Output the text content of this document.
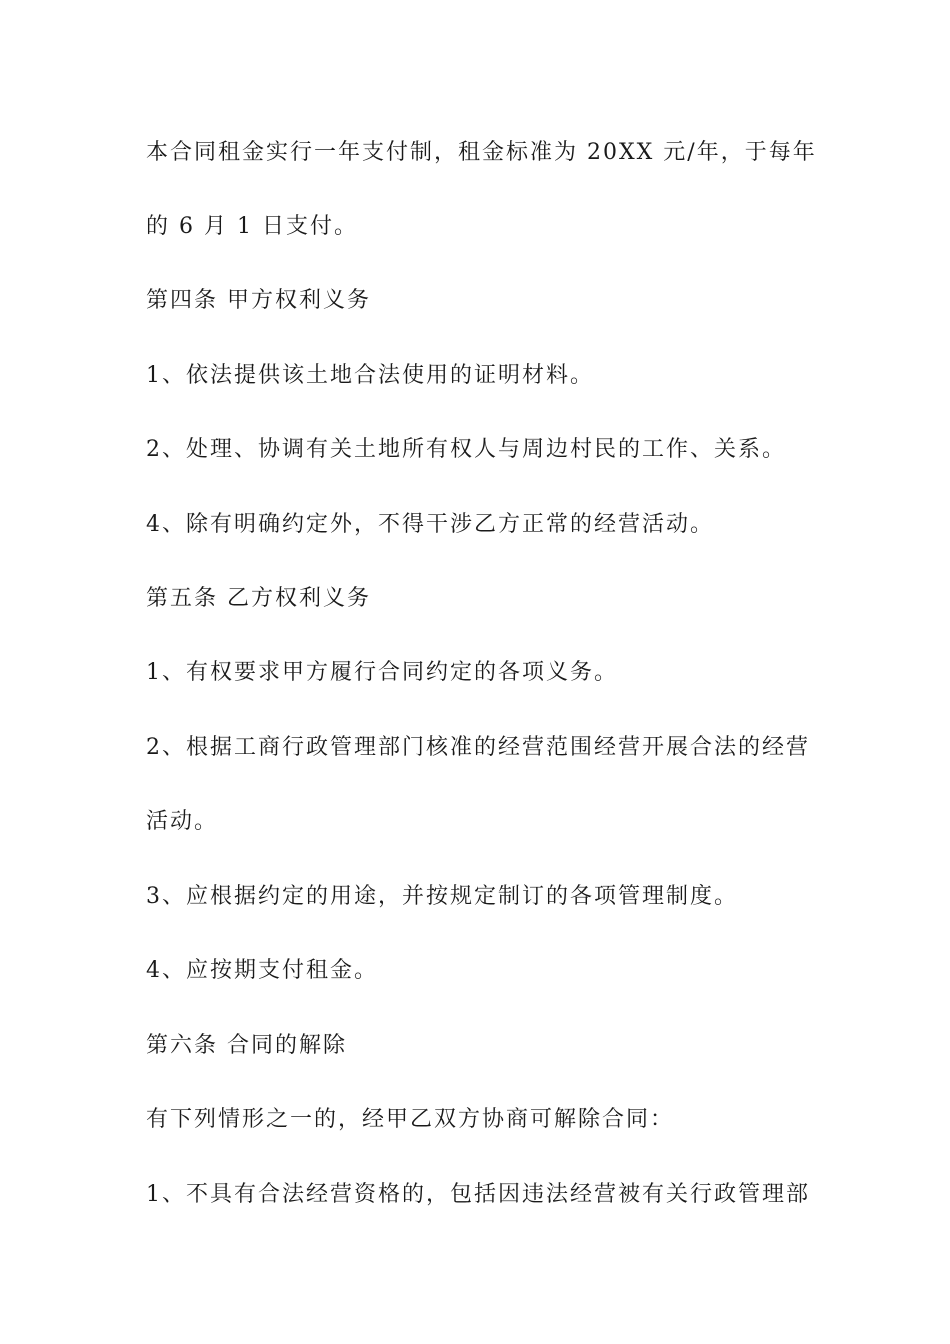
本合同租金实行一年支付制，租金标准为 20XX 元/年，于每年
的 6 月 1 日支付。
第四条 甲方权利义务
1、依法提供该土地合法使用的证明材料。
2、处理、协调有关土地所有权人与周边村民的工作、关系。
4、除有明确约定外，不得干涉乙方正常的经营活动。
第五条 乙方权利义务
1、有权要求甲方履行合同约定的各项义务。
2、根据工商行政管理部门核准的经营范围经营开展合法的经营
活动。
3、应根据约定的用途，并按规定制订的各项管理制度。
4、应按期支付租金。
第六条 合同的解除
有下列情形之一的，经甲乙双方协商可解除合同：
1、不具有合法经营资格的，包括因违法经营被有关行政管理部
